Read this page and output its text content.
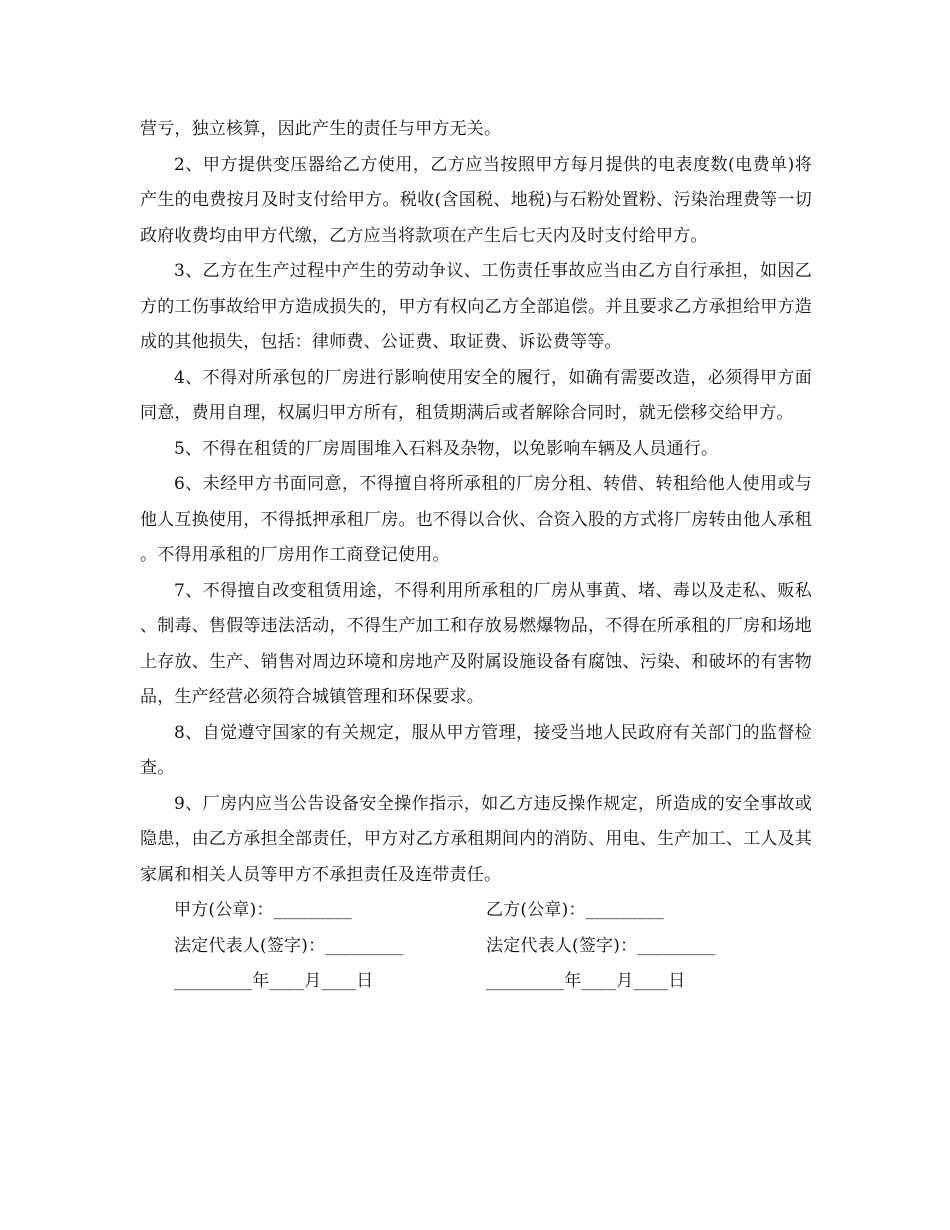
营亏，独立核算，因此产生的责任与甲方无关。

2、甲方提供变压器给乙方使用，乙方应当按照甲方每月提供的电表度数(电费单)将产生的电费按月及时支付给甲方。税收(含国税、地税)与石粉处置粉、污染治理费等一切政府收费均由甲方代缴，乙方应当将款项在产生后七天内及时支付给甲方。

3、乙方在生产过程中产生的劳动争议、工伤责任事故应当由乙方自行承担，如因乙方的工伤事故给甲方造成损失的，甲方有权向乙方全部追偿。并且要求乙方承担给甲方造成的其他损失，包括：律师费、公证费、取证费、诉讼费等等。

4、不得对所承包的厂房进行影响使用安全的履行，如确有需要改造，必须得甲方面同意，费用自理，权属归甲方所有，租赁期满后或者解除合同时，就无偿移交给甲方。

5、不得在租赁的厂房周围堆入石料及杂物，以免影响车辆及人员通行。

6、未经甲方书面同意，不得擅自将所承租的厂房分租、转借、转租给他人使用或与他人互换使用，不得抵押承租厂房。也不得以合伙、合资入股的方式将厂房转由他人承租。不得用承租的厂房用作工商登记使用。

7、不得擅自改变租赁用途，不得利用所承租的厂房从事黄、堵、毒以及走私、贩私、制毒、售假等违法活动，不得生产加工和存放易燃爆物品，不得在所承租的厂房和场地上存放、生产、销售对周边环境和房地产及附属设施设备有腐蚀、污染、和破坏的有害物品，生产经营必须符合城镇管理和环保要求。

8、自觉遵守国家的有关规定，服从甲方管理，接受当地人民政府有关部门的监督检查。

9、厂房内应当公告设备安全操作指示，如乙方违反操作规定，所造成的安全事故或隐患，由乙方承担全部责任，甲方对乙方承租期间内的消防、用电、生产加工、工人及其家属和相关人员等甲方不承担责任及连带责任。

甲方(公章)：_________	乙方(公章)：_________
法定代表人(签字)：_________	法定代表人(签字)：_________
_________年____月____日	_________年____月____日
